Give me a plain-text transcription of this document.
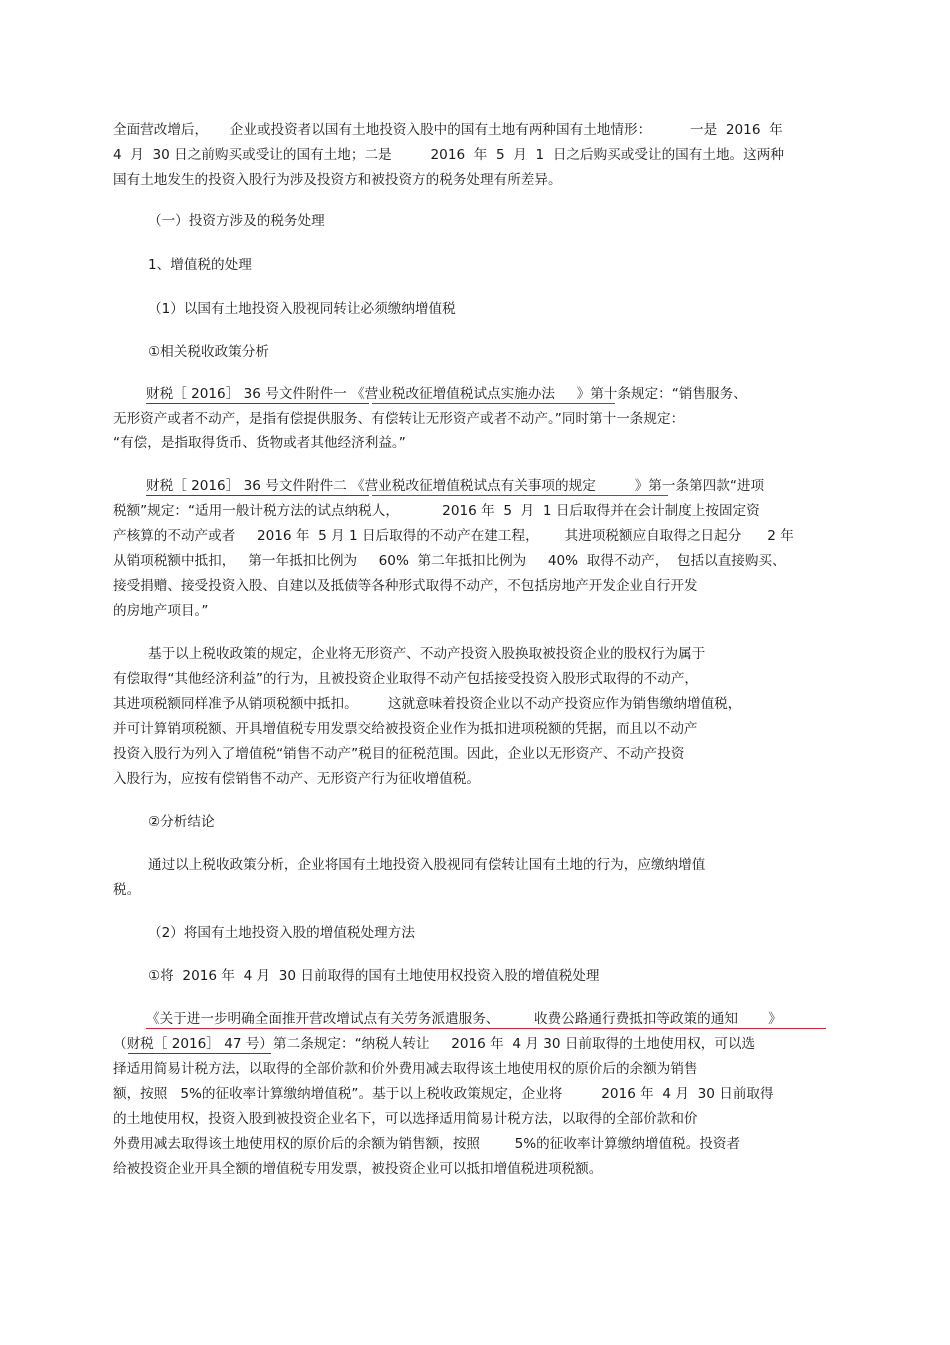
全面营改增后，     企业或投资者以国有土地投资入股中的国有土地有两种国有土地情形：         一是  2016  年

4  月  30 日之前购买或受让的国有土地；二是         2016  年  5  月  1  日之后购买或受让的国有土地。这两种

国有土地发生的投资入股行为涉及投资方和被投资方的税务处理有所差异。

（一）投资方涉及的税务处理

1、增值税的处理

（1）以国有土地投资入股视同转让必须缴纳增值税

①相关税收政策分析

财税［ 2016］ 36 号文件附件一 《营业税改征增值税试点实施办法     》第十条规定：“销售服务、

无形资产或者不动产，是指有偿提供服务、有偿转让无形资产或者不动产。”同时第十一条规定：

“有偿，是指取得货币、货物或者其他经济利益。”

财税［ 2016］ 36 号文件附件二 《营业税改征增值税试点有关事项的规定         》第一条第四款“进项

税额”规定：“适用一般计税方法的试点纳税人，          2016 年  5  月  1 日后取得并在会计制度上按固定资

产核算的不动产或者     2016 年  5 月 1 日后取得的不动产在建工程，      其进项税额应自取得之日起分      2 年

从销项税额中抵扣，   第一年抵扣比例为     60%  第二年抵扣比例为     40%  取得不动产，  包括以直接购买、

接受捐赠、接受投资入股、自建以及抵债等各种形式取得不动产，不包括房地产开发企业自行开发

的房地产项目。”

基于以上税收政策的规定，企业将无形资产、不动产投资入股换取被投资企业的股权行为属于

有偿取得“其他经济利益”的行为，且被投资企业取得不动产包括接受投资入股形式取得的不动产，

其进项税额同样准予从销项税额中抵扣。       这就意味着投资企业以不动产投资应作为销售缴纳增值税，

并可计算销项税额、开具增值税专用发票交给被投资企业作为抵扣进项税额的凭据，而且以不动产

投资入股行为列入了增值税“销售不动产”税目的征税范围。因此，企业以无形资产、不动产投资

入股行为，应按有偿销售不动产、无形资产行为征收增值税。

②分析结论

通过以上税收政策分析，企业将国有土地投资入股视同有偿转让国有土地的行为，应缴纳增值

税。

（2）将国有土地投资入股的增值税处理方法

①将  2016 年  4 月  30 日前取得的国有土地使用权投资入股的增值税处理

《关于进一步明确全面推开营改增试点有关劳务派遣服务、        收费公路通行费抵扣等政策的通知       》

（财税［ 2016］ 47 号）第二条规定：“纳税人转让     2016 年  4 月 30 日前取得的土地使用权，可以选

择适用简易计税方法，以取得的全部价款和价外费用减去取得该土地使用权的原价后的余额为销售

额，按照   5%的征收率计算缴纳增值税”。基于以上税收政策规定，企业将         2016 年  4 月  30 日前取得

的土地使用权，投资入股到被投资企业名下，可以选择适用简易计税方法，以取得的全部价款和价

外费用减去取得该土地使用权的原价后的余额为销售额，按照        5%的征收率计算缴纳增值税。投资者

给被投资企业开具全额的增值税专用发票，被投资企业可以抵扣增值税进项税额。
